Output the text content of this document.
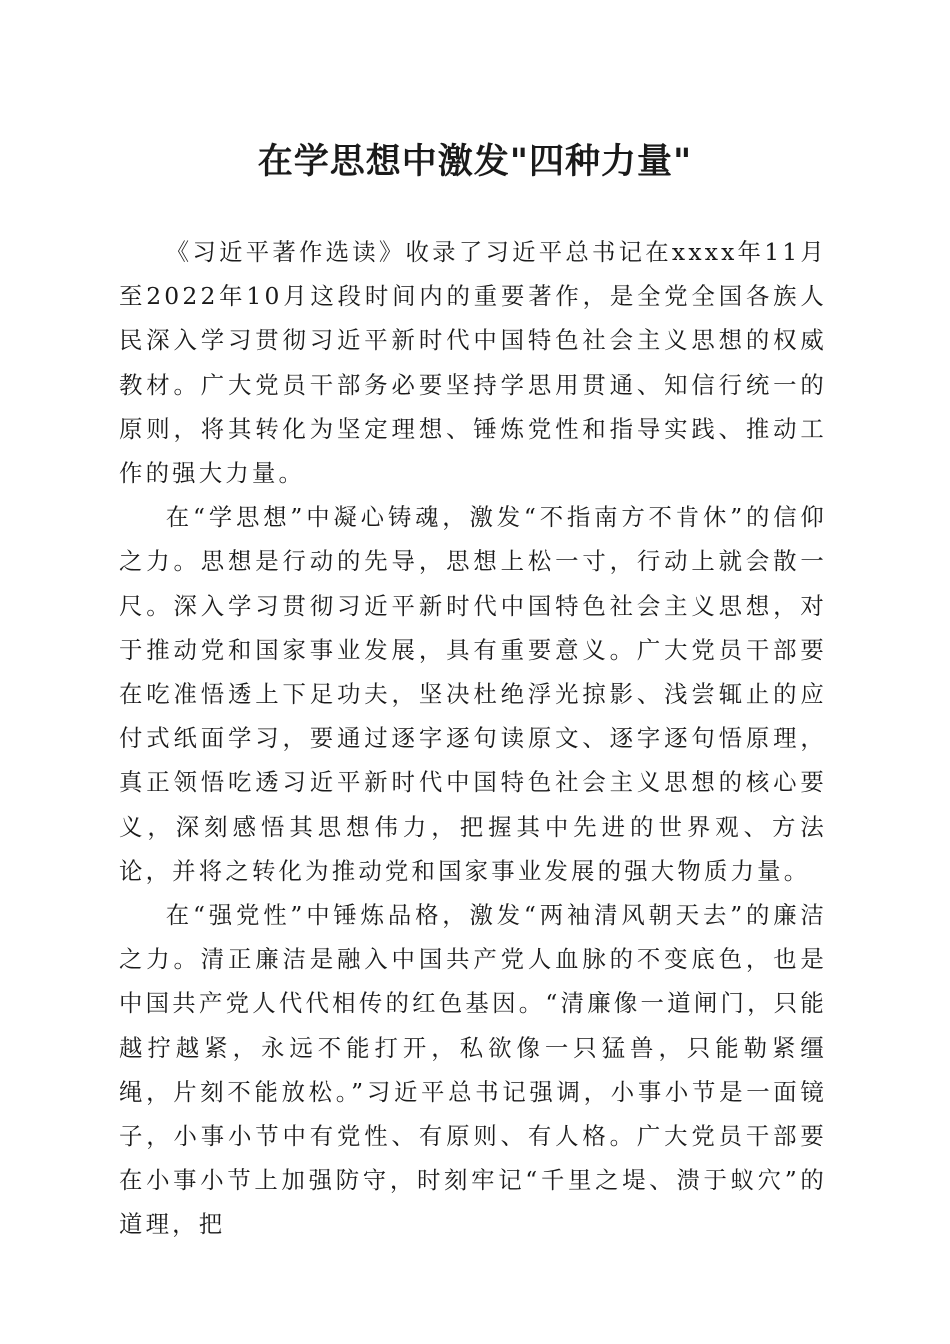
在学思想中激发"四种力量"

《习近平著作选读》收录了习近平总书记在xxxx年11月至2022年10月这段时间内的重要著作，是全党全国各族人民深入学习贯彻习近平新时代中国特色社会主义思想的权威教材。广大党员干部务必要坚持学思用贯通、知信行统一的原则，将其转化为坚定理想、锤炼党性和指导实践、推动工作的强大力量。

在“学思想”中凝心铸魂，激发“不指南方不肯休”的信仰之力。思想是行动的先导，思想上松一寸，行动上就会散一尺。深入学习贯彻习近平新时代中国特色社会主义思想，对于推动党和国家事业发展，具有重要意义。广大党员干部要在吃准悟透上下足功夫，坚决杜绝浮光掠影、浅尝辄止的应付式纸面学习，要通过逐字逐句读原文、逐字逐句悟原理，真正领悟吃透习近平新时代中国特色社会主义思想的核心要义，深刻感悟其思想伟力，把握其中先进的世界观、方法论，并将之转化为推动党和国家事业发展的强大物质力量。

在“强党性”中锤炼品格，激发“两袖清风朝天去”的廉洁之力。清正廉洁是融入中国共产党人血脉的不变底色，也是中国共产党人代代相传的红色基因。“清廉像一道闸门，只能越拧越紧，永远不能打开，私欲像一只猛兽，只能勒紧缰绳，片刻不能放松。”习近平总书记强调，小事小节是一面镜子，小事小节中有党性、有原则、有人格。广大党员干部要在小事小节上加强防守，时刻牢记“千里之堤、溃于蚁穴”的道理，把
